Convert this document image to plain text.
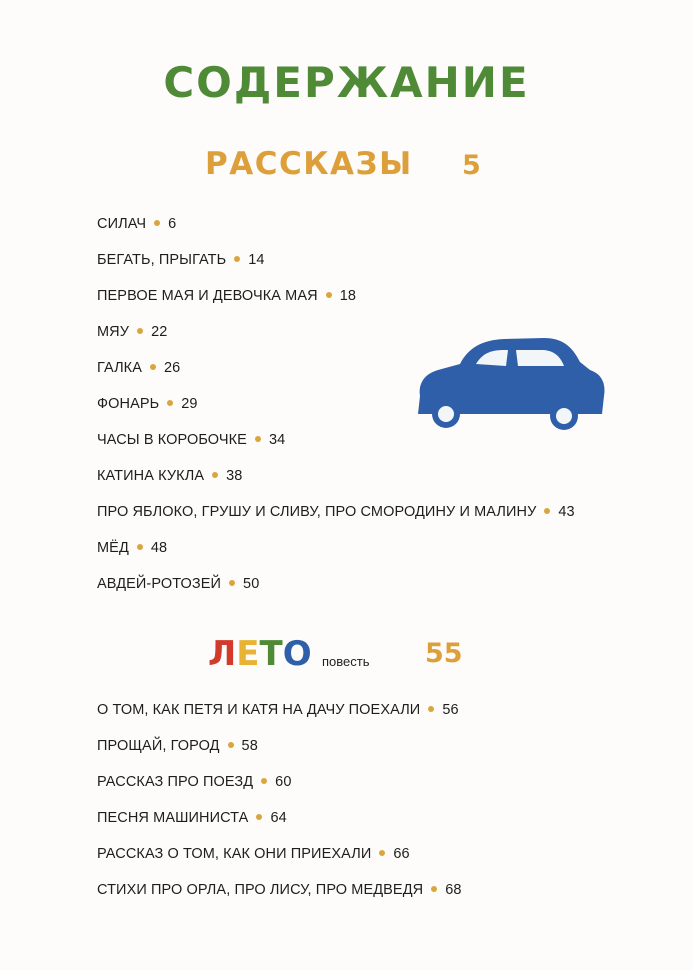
СОДЕРЖАНИЕ
РАССКАЗЫ 5
СИЛАЧ 6
БЕГАТЬ, ПРЫГАТЬ 14
ПЕРВОЕ МАЯ И ДЕВОЧКА МАЯ 18
МЯУ 22
ГАЛКА 26
ФОНАРЬ 29
ЧАСЫ В КОРОБОЧКЕ 34
КАТИНА КУКЛА 38
ПРО ЯБЛОКО, ГРУШУ И СЛИВУ, ПРО СМОРОДИНУ И МАЛИНУ 43
МЁД 48
АВДЕЙ-РОТОЗЕЙ 50
ЛЕТО повесть 55
О ТОМ, КАК ПЕТЯ И КАТЯ НА ДАЧУ ПОЕХАЛИ 56
ПРОЩАЙ, ГОРОД 58
РАССКАЗ ПРО ПОЕЗД 60
ПЕСНЯ МАШИНИСТА 64
РАССКАЗ О ТОМ, КАК ОНИ ПРИЕХАЛИ 66
СТИХИ ПРО ОРЛА, ПРО ЛИСУ, ПРО МЕДВЕДЯ 68
